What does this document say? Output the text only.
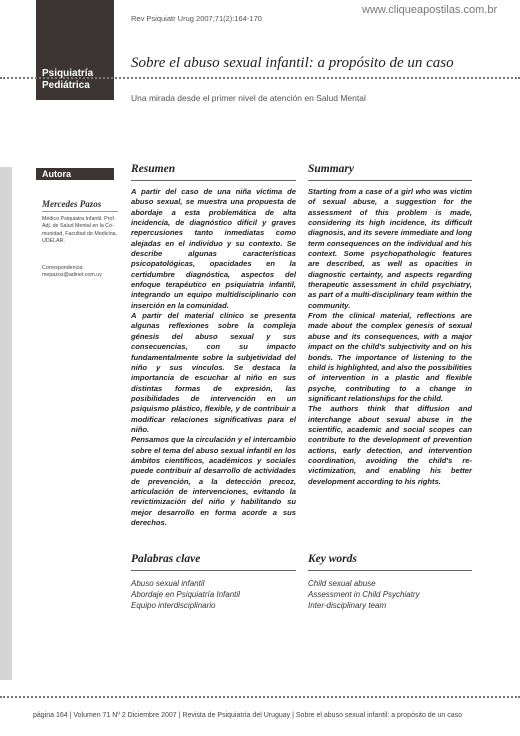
Psiquiatría
Pediátrica
www.cliqueapostilas.com.br
Rev Psiquiatr Urug 2007;71(2):164-170
Sobre el abuso sexual infantil: a propósito de un caso
Una mirada desde el primer nivel de atención en Salud Mental
Autora
Mercedes Pazos
Médico Psiquiatra Infantil. Prof.
Adj. de Salud Mental en la Co-
munidad, Facultad de Medicina,
UDELAR.
Correspondencia:
mepazos@adinet.com.uy
Resumen

A partir del caso de una niña víctima de abuso sexual, se muestra una propuesta de abordaje a esta problemática de alta incidencia, de diagnóstico difícil y graves repercusiones tanto inmediatas como alejadas en el individuo y su contexto. Se describe algunas características psicopatológicas, opacidades en la certidumbre diagnóstica, aspectos del enfoque terapéutico en psiquiatría infantil, integrando un equipo multidisciplinario con inserción en la comunidad.

A partir del material clínico se presenta algunas reflexiones sobre la compleja génesis del abuso sexual y sus consecuencias, con su impacto fundamentalmente sobre la subjetividad del niño y sus vínculos. Se destaca la importancia de escuchar al niño en sus distintas formas de expresión, las posibilidades de intervención en un psiquismo plástico, flexible, y de contribuir a modificar relaciones significativas para el niño.

Pensamos que la circulación y el intercambio sobre el tema del abuso sexual infantil en los ámbitos científicos, académicos y sociales puede contribuir al desarrollo de actividades de prevención, a la detección precoz, articulación de intervenciones, evitando la revictimización del niño y habilitando su mejor desarrollo en forma acorde a sus derechos.

Summary

Starting from a case of a girl who was victim of sexual abuse, a suggestion for the assessment of this problem is made, considering its high incidence, its difficult diagnosis, and its severe immediate and long term consequences on the individual and his context. Some psychopathologic features are described, as well as opacities in diagnostic certainty, and aspects regarding therapeutic assessment in child psychiatry, as part of a multi-disciplinary team within the community.

From the clinical material, reflections are made about the complex genesis of sexual abuse and its consequences, with a major impact on the child's subjectivity and on his bonds. The importance of listening to the child is highlighted, and also the possibilities of intervention in a plastic and flexible psyche, contributing to a change in significant relationships for the child.

The authors think that diffusion and interchange about sexual abuse in the scientific, academic and social scopes can contribute to the development of prevention actions, early detection, and intervention coordination, avoiding the child's re-victimization, and enabling his better development according to his rights.

Palabras clave
Abuso sexual infantil
Abordaje en Psiquiatría Infantil
Equipo interdisciplinario
Key words
Child sexual abuse
Assessment in Child Psychiatry
Inter-disciplinary team
página 164 | Volumen 71 Nº 2 Diciembre 2007 | Revista de Psiquiatría del Uruguay | Sobre el abuso sexual infantil: a propósito de un caso
